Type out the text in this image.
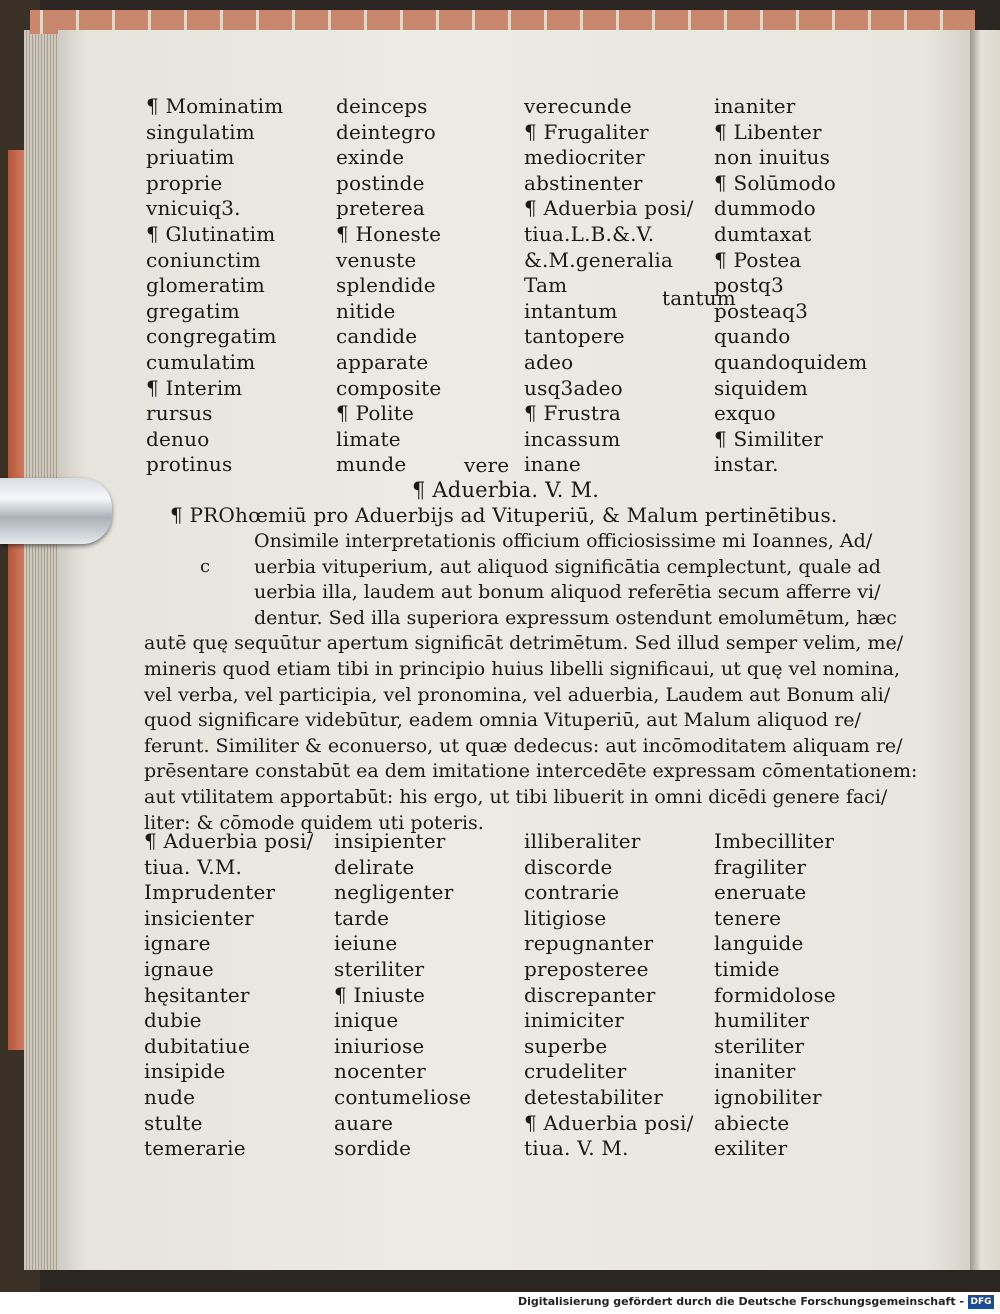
¶ Mominatim
singulatim
priuatim
proprie
vnicuiq3.
¶ Glutinatim
coniunctim
glomeratim
gregatim
congregatim
cumulatim
¶ Interim
rursus
denuo
protinus
deinceps
deintegro
exinde
postinde
preterea
¶ Honeste
venuste
splendide
nitide
candide
apparate
composite
¶ Polite
limate
munde
verecunde
¶ Frugaliter
mediocriter
abstinenter
¶ Aduerbia posi/
tiua.L.B.&.V.
&.M.generalia
Tam
intantum
tantopere
adeo
usq3adeo
¶ Frustra
incassum
inane
inaniter
¶ Libenter
non inuitus
¶ Solūmodo
dummodo
dumtaxat
¶ Postea
postq3
posteaq3
quando
quandoquidem
siquidem
exquo
¶ Similiter
instar.
tantum
vere
¶ Aduerbia. V. M.
¶ PROhœmiū pro Aduerbijs ad Vituperiū, & Malum pertinētibus.
c
Onsimile interpretationis officium officiosissime mi Ioannes, Ad/
uerbia vituperium, aut aliquod significātia cemplectunt, quale ad
uerbia illa, laudem aut bonum aliquod referētia secum afferre vi/
dentur. Sed illa superiora expressum ostendunt emolumētum, hæc
autē quę sequūtur apertum significāt detrimētum. Sed illud semper velim, me/
mineris quod etiam tibi in principio huius libelli significaui, ut quę vel nomina,
vel verba, vel participia, vel pronomina, vel aduerbia, Laudem aut Bonum ali/
quod significare videbūtur, eadem omnia Vituperiū, aut Malum aliquod re/
ferunt. Similiter & econuerso, ut quæ dedecus: aut incōmoditatem aliquam re/
prēsentare constabūt ea dem imitatione intercedēte expressam cōmentationem:
aut vtilitatem apportabūt: his ergo, ut tibi libuerit in omni dicēdi genere faci/
liter: & cōmode quidem uti poteris.
¶ Aduerbia posi/
tiua. V.M.
Imprudenter
insicienter
ignare
ignaue
hęsitanter
dubie
dubitatiue
insipide
nude
stulte
temerarie
insipienter
delirate
negligenter
tarde
ieiune
steriliter
¶ Iniuste
inique
iniuriose
nocenter
contumeliose
auare
sordide
illiberaliter
discorde
contrarie
litigiose
repugnanter
preposteree
discrepanter
inimiciter
superbe
crudeliter
detestabiliter
¶ Aduerbia posi/
tiua. V. M.
Imbecilliter
fragiliter
eneruate
tenere
languide
timide
formidolose
humiliter
steriliter
inaniter
ignobiliter
abiecte
exiliter
Digitalisierung gefördert durch die Deutsche Forschungsgemeinschaft - DFG
